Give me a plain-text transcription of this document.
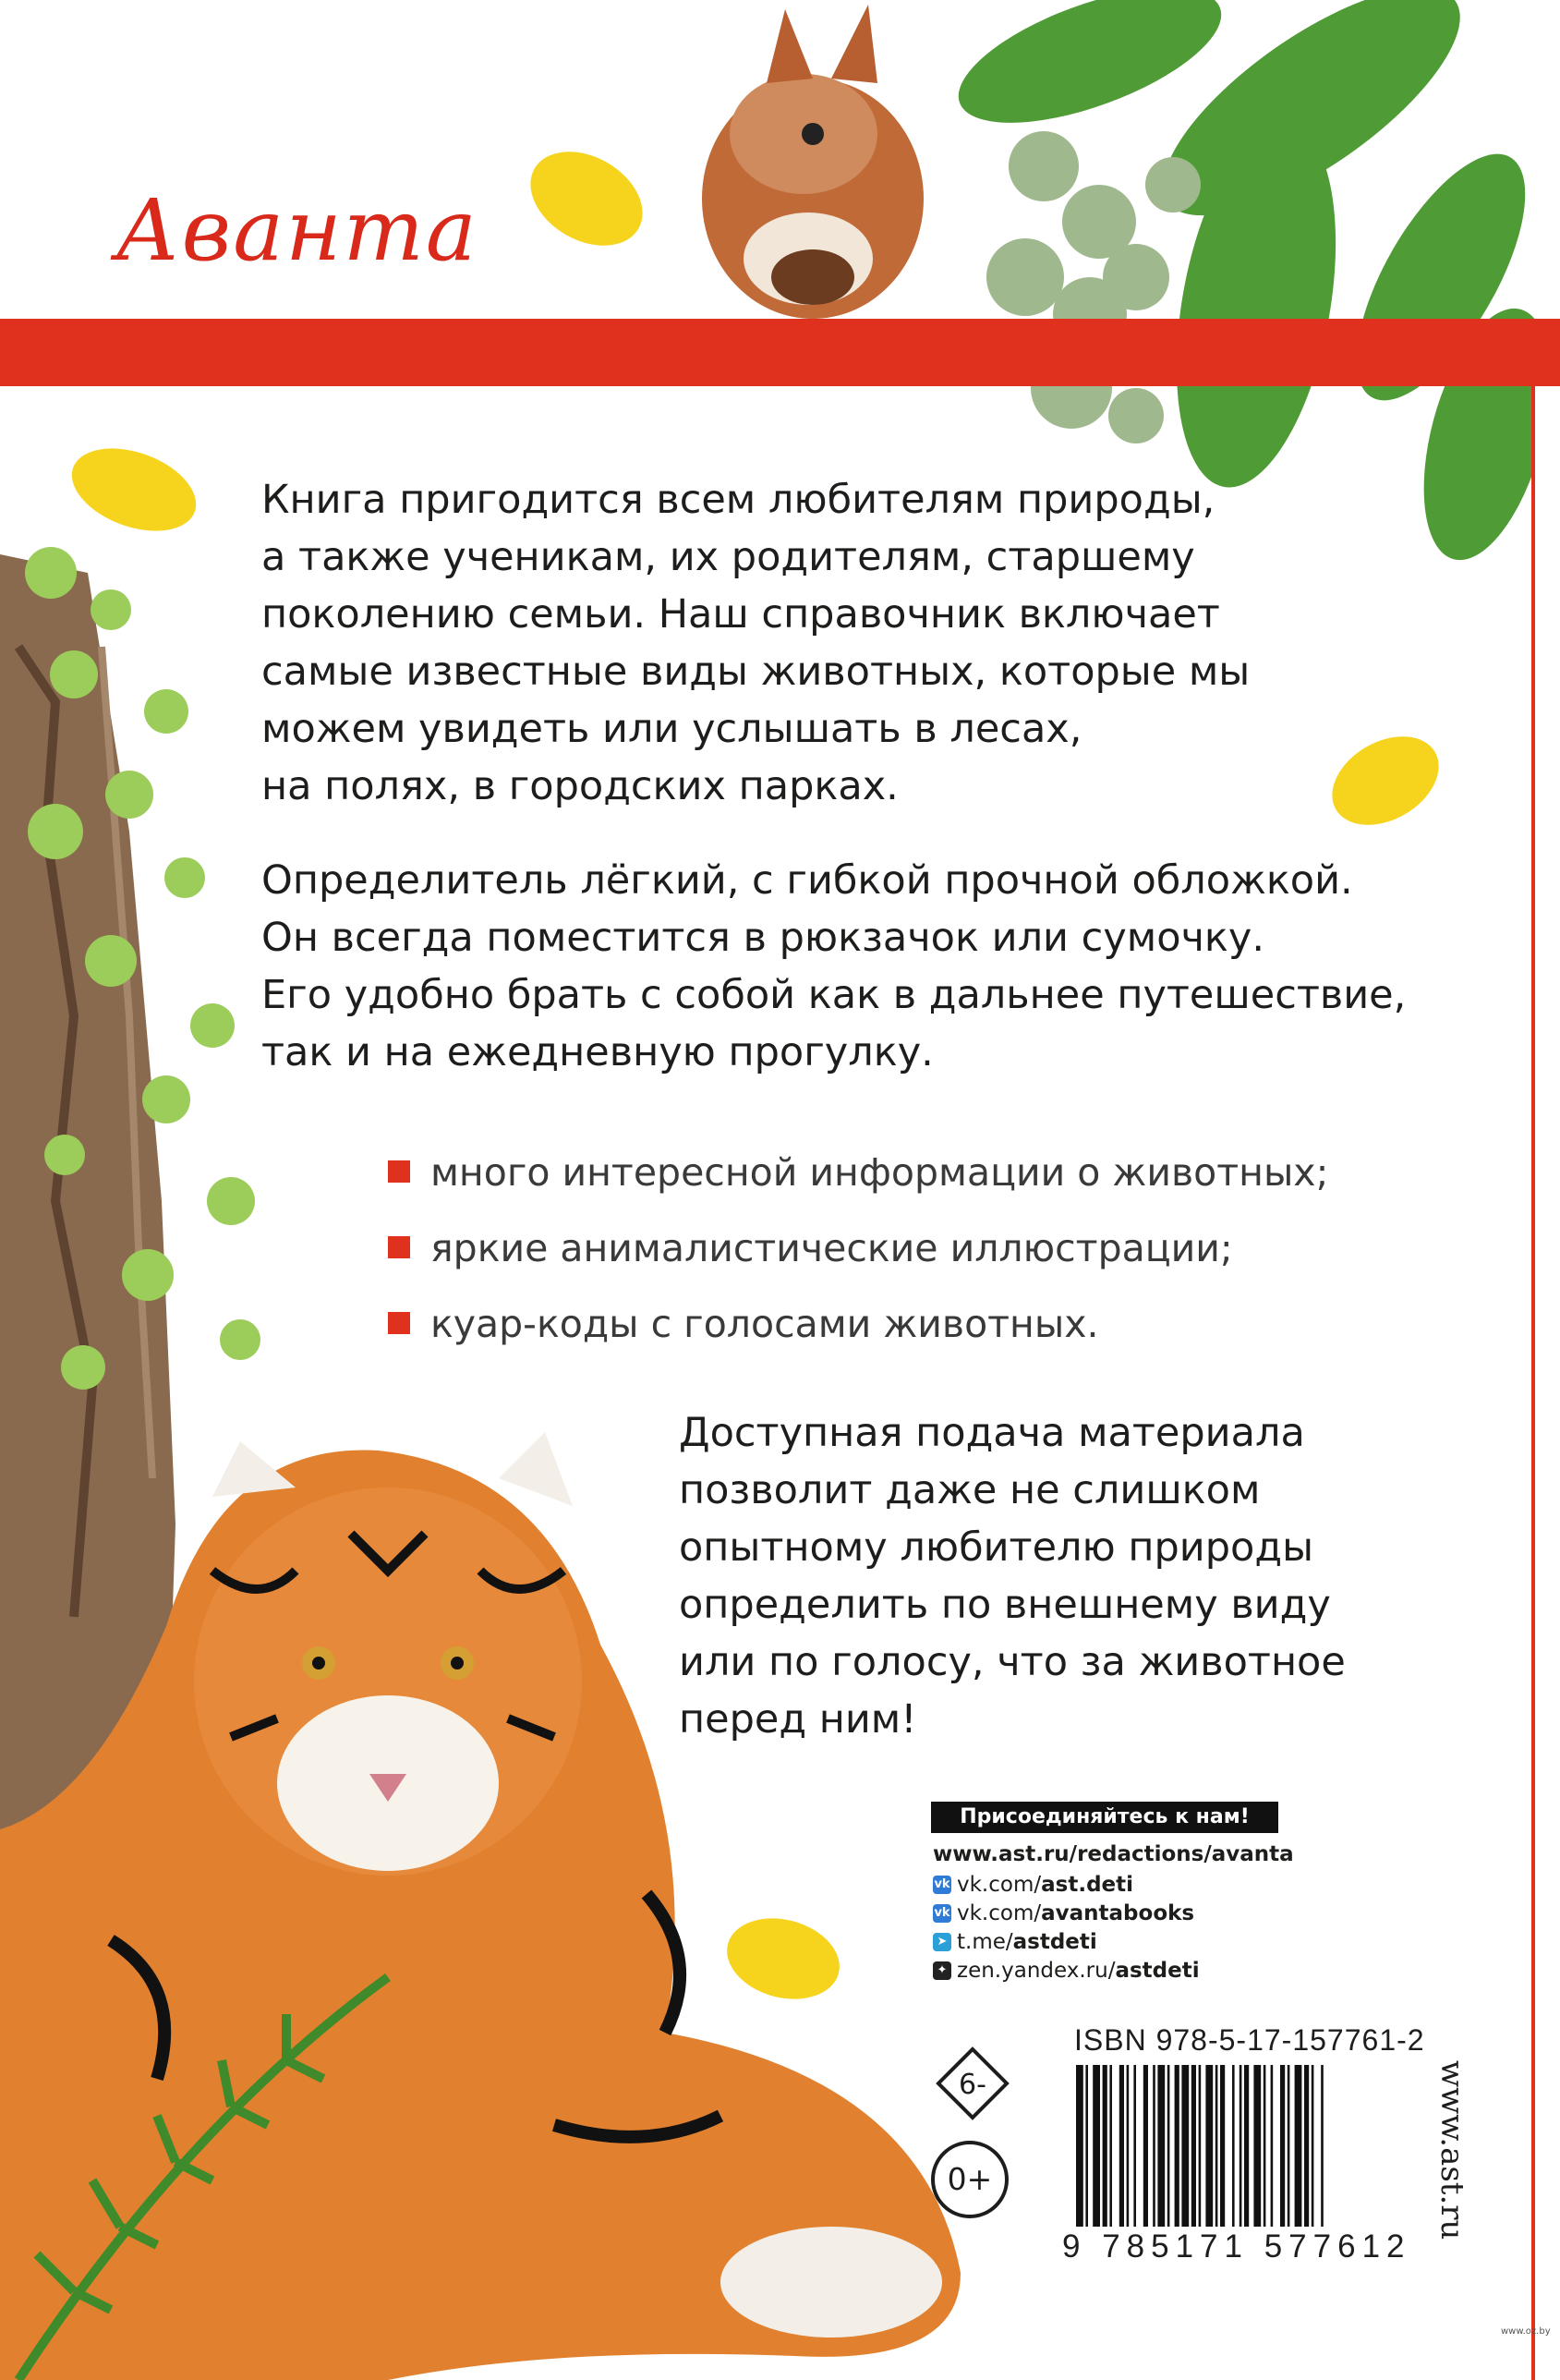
Аванта

Книга пригодится всем любителям природы,
а также ученикам, их родителям, старшему
поколению семьи. Наш справочник включает
самые известные виды животных, которые мы
можем увидеть или услышать в лесах,
на полях, в городских парках.

Определитель лёгкий, с гибкой прочной обложкой.
Он всегда поместится в рюкзачок или сумочку.
Его удобно брать с собой как в дальнее путешествие,
так и на ежедневную прогулку.

много интересной информации о животных;
яркие анималистические иллюстрации;
куар-коды с голосами животных.

Доступная подача материала
позволит даже не слишком
опытному любителю природы
определить по внешнему виду
или по голосу, что за животное
перед ним!

Присоединяйтесь к нам!
www.ast.ru/redactions/avanta
vk vk.com/ ast.deti
vk vk.com/ avantabooks
➤ t.me/ astdeti
✦ zen.yandex.ru/ astdeti
6-
0+
ISBN 978-5-17-157761-2
9 785171 577612
www.ast.ru
www.oz.by
